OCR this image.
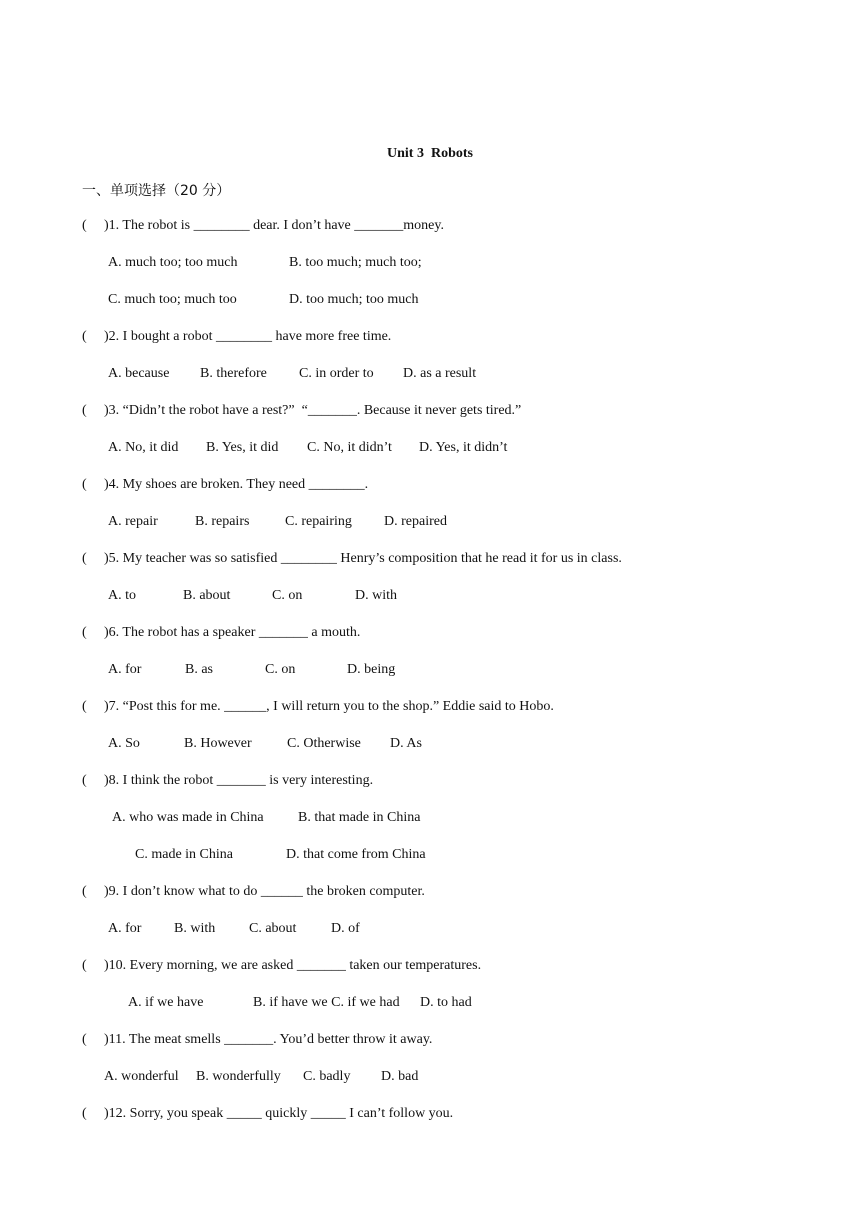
Unit 3  Robots
一、单项选择（20 分）
( )1. The robot is ________ dear. I don’t have _______money.
A. much too; too much	B. too much; much too;
C. much too; much too	D. too much; too much
( )2. I bought a robot ________ have more free time.
A. because B. therefore C. in order to D. as a result
( )3. “Didn’t the robot have a rest?”  “_______. Because it never gets tired.”
A. No, it did B. Yes, it did C. No, it didn’t D. Yes, it didn’t
( )4. My shoes are broken. They need ________.
A. repair	B. repairs	C. repairing D. repaired
( )5. My teacher was so satisfied ________ Henry’s composition that he read it for us in class.
A. to	B. about	C. on	D. with
( )6. The robot has a speaker _______ a mouth.
A. for	B. as	C. on	D. being
( )7. “Post this for me. ______, I will return you to the shop.” Eddie said to Hobo.
A. So	B. However	C. Otherwise D. As
( )8. I think the robot _______ is very interesting.
A. who was made in China B. that made in China
C. made in China	D. that come from China
( )9. I don’t know what to do ______ the broken computer.
A. for B. with C. about D. of
( )10. Every morning, we are asked _______ taken our temperatures.
A. if we have	B. if have we C. if we had D. to had
( )11. The meat smells _______. You’d better throw it away.
A. wonderful B. wonderfully C. badly D. bad
( )12. Sorry, you speak _____ quickly _____ I can’t follow you.
